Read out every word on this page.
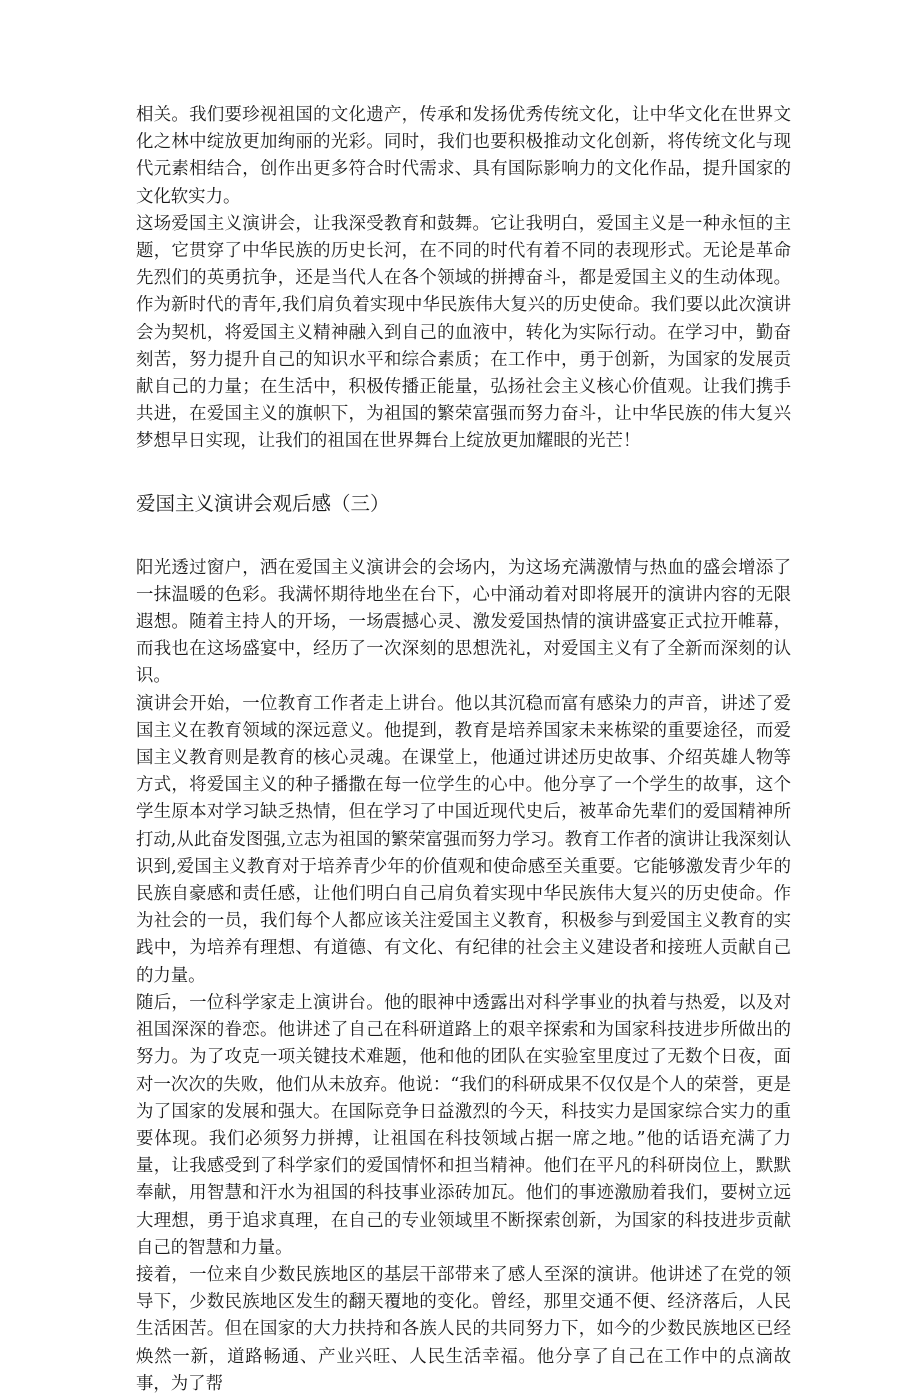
相关。我们要珍视祖国的文化遗产，传承和发扬优秀传统文化，让中华文化在世界文化之林中绽放更加绚丽的光彩。同时，我们也要积极推动文化创新，将传统文化与现代元素相结合，创作出更多符合时代需求、具有国际影响力的文化作品，提升国家的文化软实力。

这场爱国主义演讲会，让我深受教育和鼓舞。它让我明白，爱国主义是一种永恒的主题，它贯穿了中华民族的历史长河，在不同的时代有着不同的表现形式。无论是革命先烈们的英勇抗争，还是当代人在各个领域的拼搏奋斗，都是爱国主义的生动体现。作为新时代的青年,我们肩负着实现中华民族伟大复兴的历史使命。我们要以此次演讲会为契机，将爱国主义精神融入到自己的血液中，转化为实际行动。在学习中，勤奋刻苦，努力提升自己的知识水平和综合素质；在工作中，勇于创新，为国家的发展贡献自己的力量；在生活中，积极传播正能量，弘扬社会主义核心价值观。让我们携手共进，在爱国主义的旗帜下，为祖国的繁荣富强而努力奋斗，让中华民族的伟大复兴梦想早日实现，让我们的祖国在世界舞台上绽放更加耀眼的光芒！

爱国主义演讲会观后感（三）

阳光透过窗户，洒在爱国主义演讲会的会场内，为这场充满激情与热血的盛会增添了一抹温暖的色彩。我满怀期待地坐在台下，心中涌动着对即将展开的演讲内容的无限遐想。随着主持人的开场，一场震撼心灵、激发爱国热情的演讲盛宴正式拉开帷幕，而我也在这场盛宴中，经历了一次深刻的思想洗礼，对爱国主义有了全新而深刻的认识。

演讲会开始，一位教育工作者走上讲台。他以其沉稳而富有感染力的声音，讲述了爱国主义在教育领域的深远意义。他提到，教育是培养国家未来栋梁的重要途径，而爱国主义教育则是教育的核心灵魂。在课堂上，他通过讲述历史故事、介绍英雄人物等方式，将爱国主义的种子播撒在每一位学生的心中。他分享了一个学生的故事，这个学生原本对学习缺乏热情，但在学习了中国近现代史后，被革命先辈们的爱国精神所打动,从此奋发图强,立志为祖国的繁荣富强而努力学习。教育工作者的演讲让我深刻认识到,爱国主义教育对于培养青少年的价值观和使命感至关重要。它能够激发青少年的民族自豪感和责任感，让他们明白自己肩负着实现中华民族伟大复兴的历史使命。作为社会的一员，我们每个人都应该关注爱国主义教育，积极参与到爱国主义教育的实践中，为培养有理想、有道德、有文化、有纪律的社会主义建设者和接班人贡献自己的力量。

随后，一位科学家走上演讲台。他的眼神中透露出对科学事业的执着与热爱，以及对祖国深深的眷恋。他讲述了自己在科研道路上的艰辛探索和为国家科技进步所做出的努力。为了攻克一项关键技术难题，他和他的团队在实验室里度过了无数个日夜，面对一次次的失败，他们从未放弃。他说：“我们的科研成果不仅仅是个人的荣誉，更是为了国家的发展和强大。在国际竞争日益激烈的今天，科技实力是国家综合实力的重要体现。我们必须努力拼搏，让祖国在科技领域占据一席之地。”他的话语充满了力量，让我感受到了科学家们的爱国情怀和担当精神。他们在平凡的科研岗位上，默默奉献，用智慧和汗水为祖国的科技事业添砖加瓦。他们的事迹激励着我们，要树立远大理想，勇于追求真理，在自己的专业领域里不断探索创新，为国家的科技进步贡献自己的智慧和力量。

接着，一位来自少数民族地区的基层干部带来了感人至深的演讲。他讲述了在党的领导下，少数民族地区发生的翻天覆地的变化。曾经，那里交通不便、经济落后，人民生活困苦。但在国家的大力扶持和各族人民的共同努力下，如今的少数民族地区已经焕然一新，道路畅通、产业兴旺、人民生活幸福。他分享了自己在工作中的点滴故事，为了帮
